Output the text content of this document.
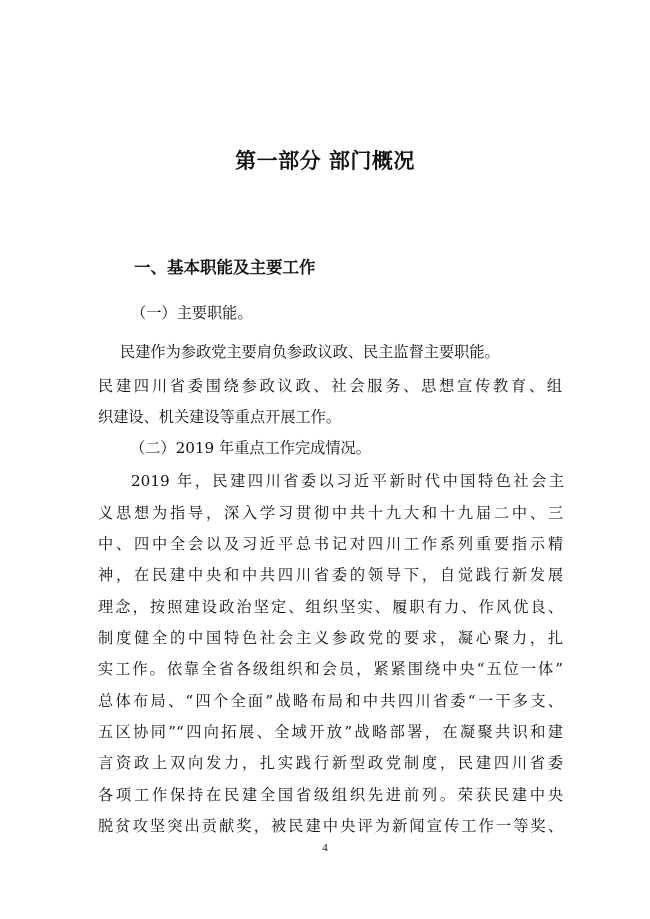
第一部分 部门概况
一、基本职能及主要工作
（一）主要职能。
民建作为参政党主要肩负参政议政、民主监督主要职能。
民建四川省委围绕参政议政、社会服务、思想宣传教育、组
织建设、机关建设等重点开展工作。
（二）2019 年重点工作完成情况。
2019 年，民建四川省委以习近平新时代中国特色社会主
义思想为指导，深入学习贯彻中共十九大和十九届二中、三
中、四中全会以及习近平总书记对四川工作系列重要指示精
神，在民建中央和中共四川省委的领导下，自觉践行新发展
理念，按照建设政治坚定、组织坚实、履职有力、作风优良、
制度健全的中国特色社会主义参政党的要求，凝心聚力，扎
实工作。依靠全省各级组织和会员，紧紧围绕中央“五位一体”
总体布局、“四个全面”战略布局和中共四川省委“一干多支、
五区协同”“四向拓展、全域开放”战略部署，在凝聚共识和建
言资政上双向发力，扎实践行新型政党制度，民建四川省委
各项工作保持在民建全国省级组织先进前列。荣获民建中央
脱贫攻坚突出贡献奖，被民建中央评为新闻宣传工作一等奖、
4
